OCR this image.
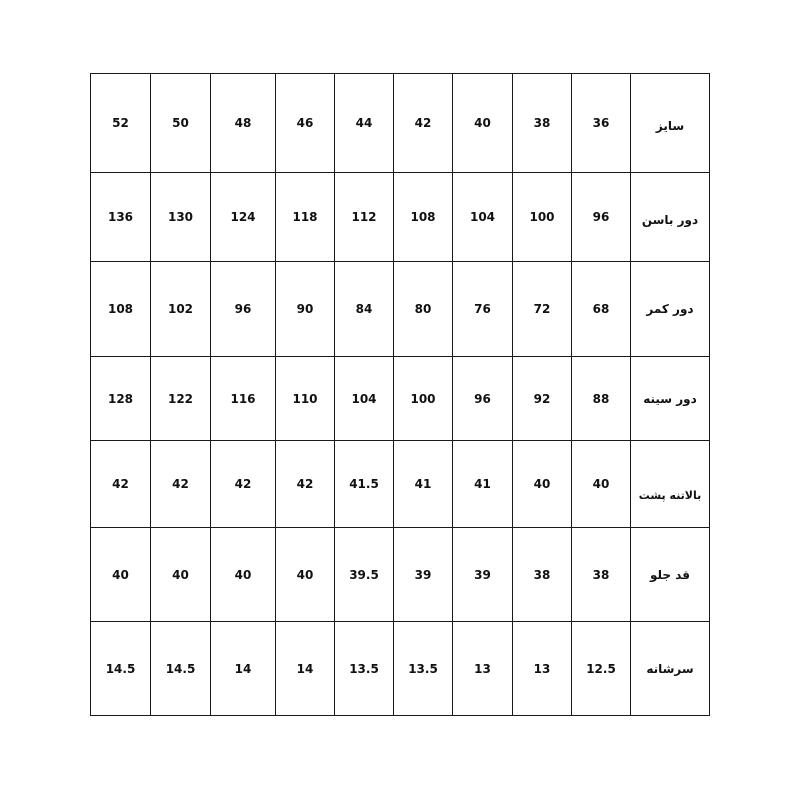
52	50	48	46	44	42	40	38	36	سایز
136	130	124	118	112	108	104	100	96	دور باسن
108	102	96	90	84	80	76	72	68	دور کمر
128	122	116	110	104	100	96	92	88	دور سینه
42	42	42	42	41.5	41	41	40	40	بالاتنه پشت
40	40	40	40	39.5	39	39	38	38	قد جلو
14.5	14.5	14	14	13.5	13.5	13	13	12.5	سرشانه
